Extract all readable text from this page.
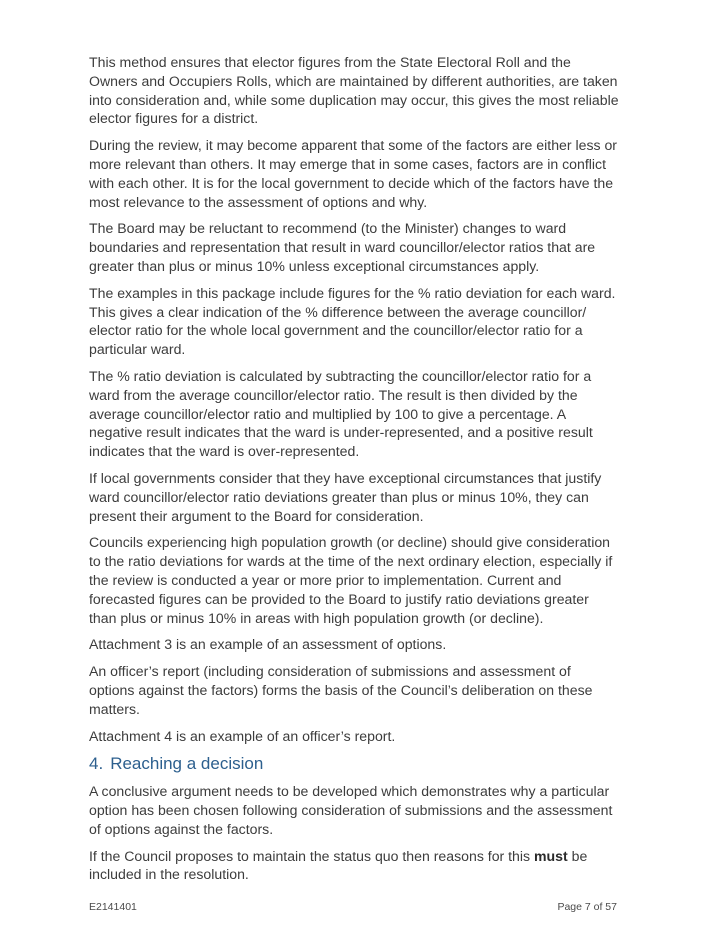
This method ensures that elector figures from the State Electoral Roll and the Owners and Occupiers Rolls, which are maintained by different authorities, are taken into consideration and, while some duplication may occur, this gives the most reliable elector figures for a district.

During the review, it may become apparent that some of the factors are either less or more relevant than others. It may emerge that in some cases, factors are in conflict with each other. It is for the local government to decide which of the factors have the most relevance to the assessment of options and why.

The Board may be reluctant to recommend (to the Minister) changes to ward boundaries and representation that result in ward councillor/elector ratios that are greater than plus or minus 10% unless exceptional circumstances apply.

The examples in this package include figures for the % ratio deviation for each ward. This gives a clear indication of the % difference between the average councillor/ elector ratio for the whole local government and the councillor/elector ratio for a particular ward.

The % ratio deviation is calculated by subtracting the councillor/elector ratio for a ward from the average councillor/elector ratio. The result is then divided by the average councillor/elector ratio and multiplied by 100 to give a percentage. A negative result indicates that the ward is under-represented, and a positive result indicates that the ward is over-represented.

If local governments consider that they have exceptional circumstances that justify ward councillor/elector ratio deviations greater than plus or minus 10%, they can present their argument to the Board for consideration.

Councils experiencing high population growth (or decline) should give consideration to the ratio deviations for wards at the time of the next ordinary election, especially if the review is conducted a year or more prior to implementation. Current and forecasted figures can be provided to the Board to justify ratio deviations greater than plus or minus 10% in areas with high population growth (or decline).

Attachment 3 is an example of an assessment of options.

An officer’s report (including consideration of submissions and assessment of options against the factors) forms the basis of the Council’s deliberation on these matters.

Attachment 4 is an example of an officer’s report.

4. Reaching a decision

A conclusive argument needs to be developed which demonstrates why a particular option has been chosen following consideration of submissions and the assessment of options against the factors.

If the Council proposes to maintain the status quo then reasons for this must be included in the resolution.

E2141401	Page 7 of 57
